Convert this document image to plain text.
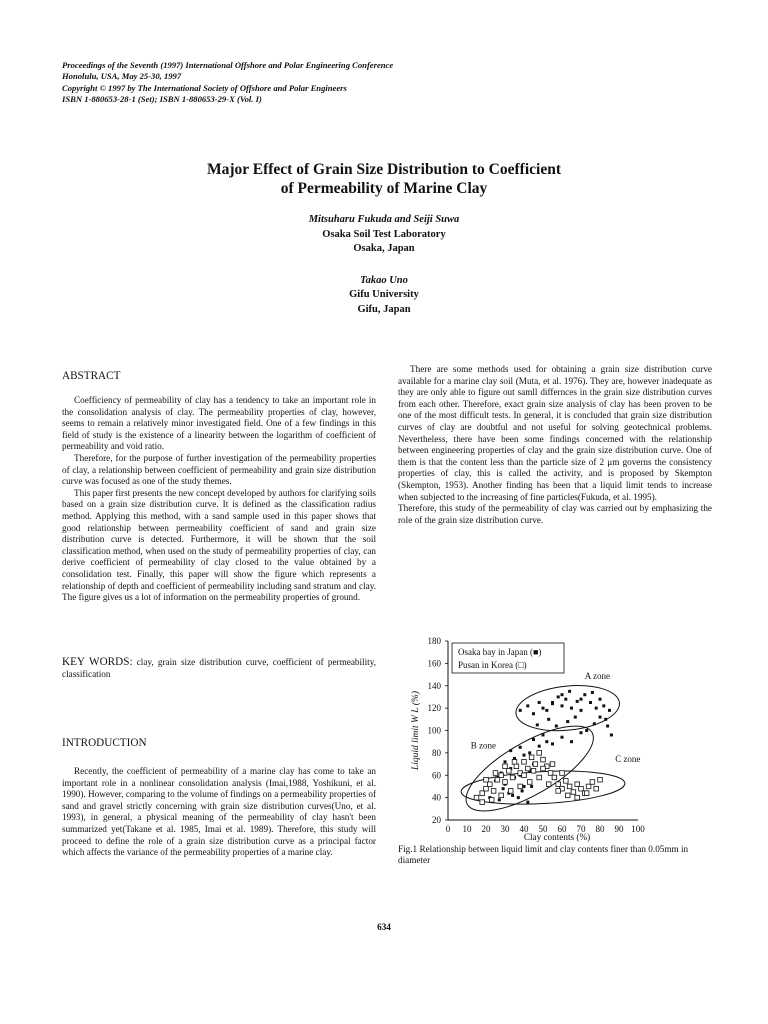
Proceedings of the Seventh (1997) International Offshore and Polar Engineering Conference
Honolulu, USA, May 25-30, 1997
Copyright © 1997 by The International Society of Offshore and Polar Engineers
ISBN 1-880653-28-1 (Set); ISBN 1-880653-29-X (Vol. I)
Major Effect of Grain Size Distribution to Coefficient
of Permeability of Marine Clay
Mitsuharu Fukuda and Seiji Suwa
Osaka Soil Test Laboratory
Osaka, Japan
Takao Uno
Gifu University
Gifu, Japan
ABSTRACT

Coefficiency of permeability of clay has a tendency to take an important role in the consolidation analysis of clay. The permeability properties of clay, however, seems to remain a relatively minor investigated field. One of a few findings in this field of study is the existence of a linearity between the logarithm of coefficient of permeability and void ratio.

Therefore, for the purpose of further investigation of the permeability properties of clay, a relationship between coefficient of permeability and grain size distribution curve was focused as one of the study themes.

This paper first presents the new concept developed by authors for clarifying soils based on a grain size distribution curve. It is defined as the classification radius method. Applying this method, with a sand sample used in this paper shows that good relationship between permeability coefficient of sand and grain size distribution curve is detected. Furthermore, it will be shown that the soil classification method, when used on the study of permeability properties of clay, can derive coefficient of permeability of clay closed to the value obtained by a consolidation test. Finally, this paper will show the figure which represents a relationship of depth and coefficient of permeability including sand stratum and clay. The figure gives us a lot of information on the permeability properties of ground.

KEY WORDS: clay, grain size distribution curve, coefficient of permeability, classification

INTRODUCTION

Recently, the coefficient of permeability of a marine clay has come to take an important role in a nonlinear consolidation analysis (Imai,1988, Yoshikuni, et al. 1990). However, comparing to the volume of findings on a permeability properties of sand and gravel strictly concerning with grain size distribution curves(Uno, et al. 1993), in general, a physical meaning of the permeability of clay hasn't been summarized yet(Takane et al. 1985, Imai et al. 1989). Therefore, this study will proceed to define the role of a grain size distribution curve as a principal factor which affects the variance of the permeability properties of a marine clay.

There are some methods used for obtaining a grain size distribution curve available for a marine clay soil (Muta, et al. 1976). They are, however inadequate as they are only able to figure out samll differnces in the grain size distribution curves from each other. Therefore, exact grain size analysis of clay has been proven to be one of the most difficult tests. In general, it is concluded that grain size distribution curves of clay are doubtful and not useful for solving geotechnical problems. Nevertheless, there have been some findings concerned with the relationship between engineering properties of clay and the grain size distribution curve. One of them is that the content less than the particle size of 2 μm governs the consistency properties of clay, this is called the activity, and is proposed by Skempton (Skempton, 1953). Another finding has been that a liquid limit tends to increase when subjected to the increasing of fine particles(Fukuda, et al. 1995).

Therefore, this study of the permeability of clay was carried out by emphasizing the role of the grain size distribution curve.

20
40
60
80
100
120
140
160
180
0 10 20 30 40 50 60 70 80 90 100
Liquid limit W L (%)
Osaka bay in Japan (■)
Pusan in Korea (□)
A zone
B zone
C zone
Clay contents (%)
Fig.1 Relationship between liquid limit and clay contents finer than 0.05mm in diameter
634
